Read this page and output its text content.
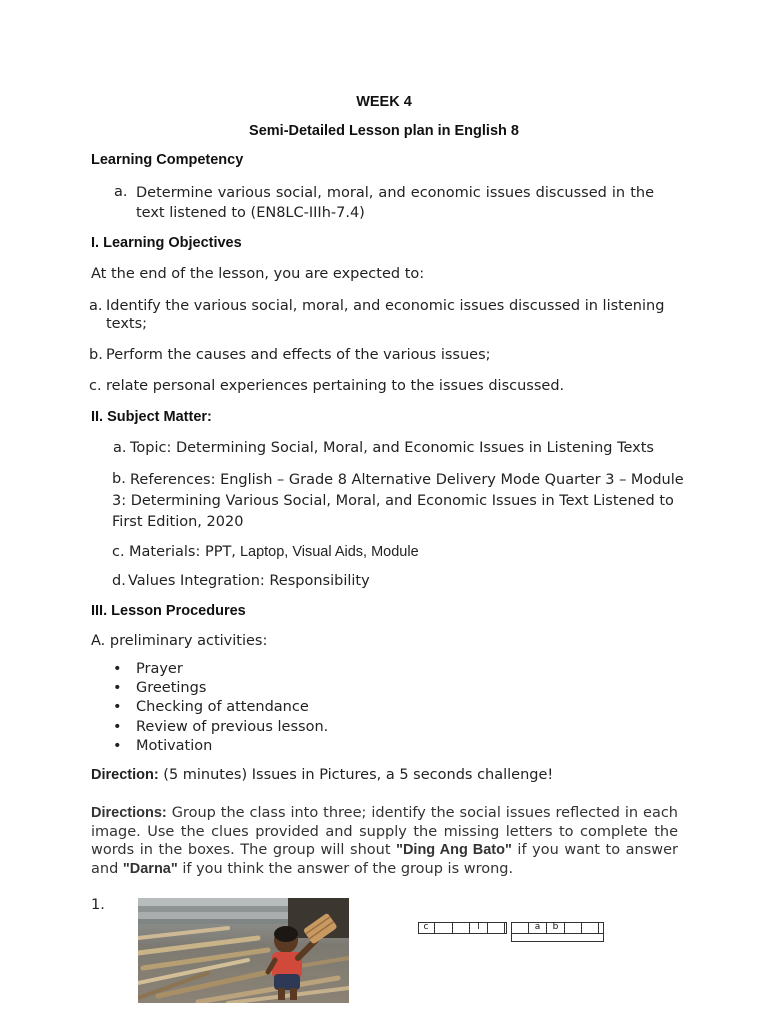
WEEK 4
Semi-Detailed Lesson plan in English 8
Learning Competency
a. Determine various social, moral, and economic issues discussed in the text listened to (EN8LC-IIIh-7.4)
I. Learning Objectives
At the end of the lesson, you are expected to:
a. Identify the various social, moral, and economic issues discussed in listening texts;
b. Perform the causes and effects of the various issues;
c. relate personal experiences pertaining to the issues discussed.
II. Subject Matter:
a. Topic: Determining Social, Moral, and Economic Issues in Listening Texts
b. References: English – Grade 8 Alternative Delivery Mode Quarter 3 – Module 3: Determining Various Social, Moral, and Economic Issues in Text Listened to First Edition, 2020
c. Materials: PPT, Laptop, Visual Aids, Module
d. Values Integration: Responsibility
III. Lesson Procedures
A. preliminary activities:
• Prayer
• Greetings
• Checking of attendance
• Review of previous lesson.
• Motivation
Direction: (5 minutes) Issues in Pictures, a 5 seconds challenge!
Directions: Group the class into three; identify the social issues reflected in each image. Use the clues provided and supply the missing letters to complete the words in the boxes. The group will shout "Ding Ang Bato" if you want to answer and "Darna" if you think the answer of the group is wrong.
1.
c	l	a	b
